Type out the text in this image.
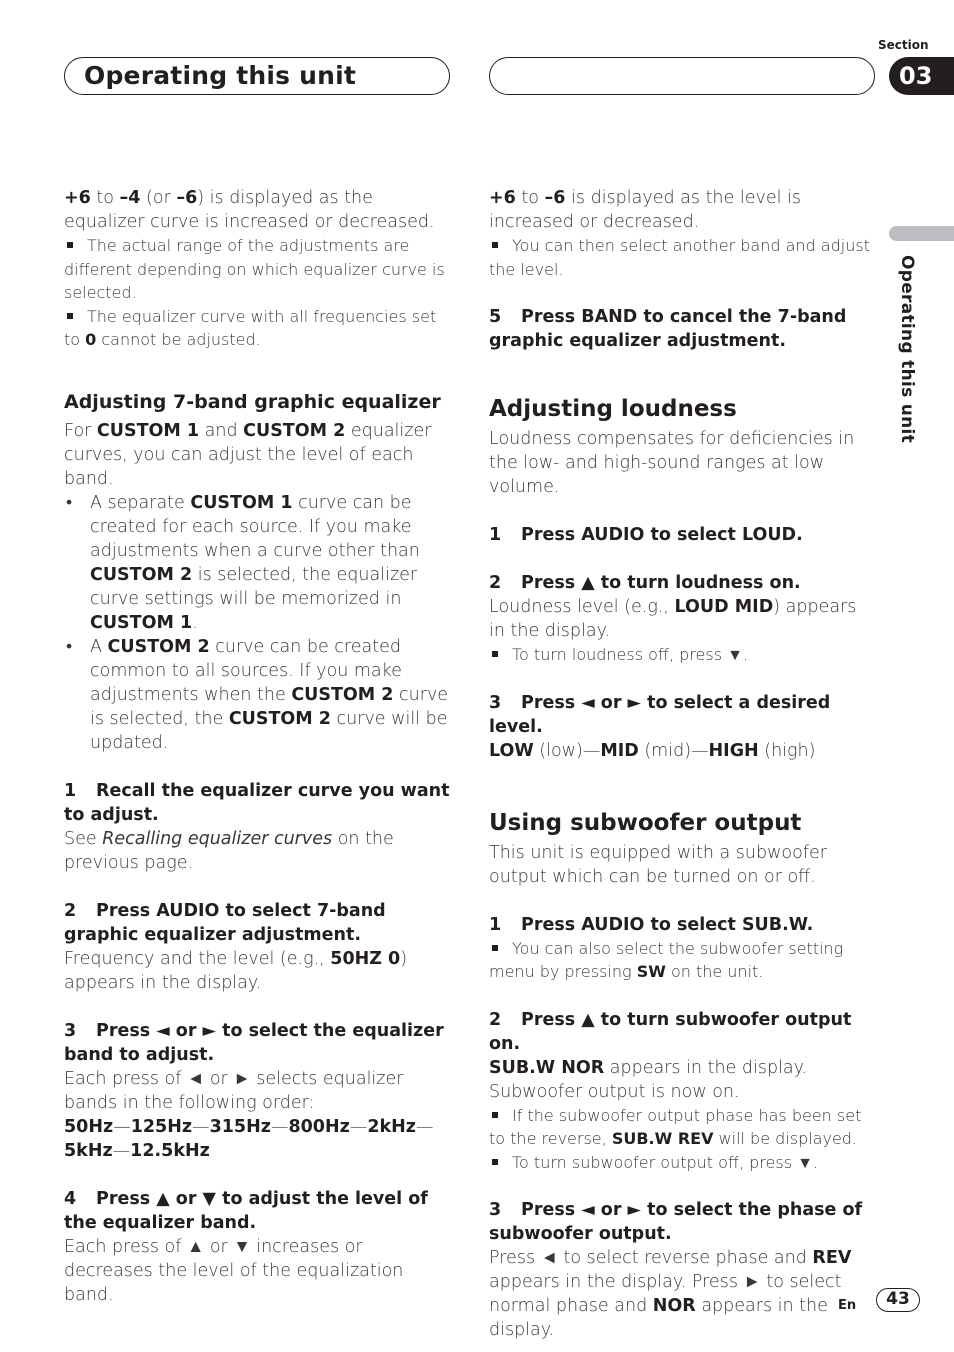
Operating this unit
Section
03
Operating this unit

+6 to –4 (or –6) is displayed as the equalizer curve is increased or decreased.

The actual range of the adjustments are different depending on which equalizer curve is selected.

The equalizer curve with all frequencies set to 0 cannot be adjusted.

Adjusting 7-band graphic equalizer

For CUSTOM 1 and CUSTOM 2 equalizer curves, you can adjust the level of each band.

• A separate CUSTOM 1 curve can be created for each source. If you make adjustments when a curve other than CUSTOM 2 is selected, the equalizer curve settings will be memorized in CUSTOM 1.

• A CUSTOM 2 curve can be created common to all sources. If you make adjustments when the CUSTOM 2 curve is selected, the CUSTOM 2 curve will be updated.

1 Recall the equalizer curve you want to adjust.

See Recalling equalizer curves on the previous page.

2 Press AUDIO to select 7-band graphic equalizer adjustment.

Frequency and the level (e.g., 50HZ 0) appears in the display.

3 Press ◄ or ► to select the equalizer band to adjust.

Each press of ◄ or ► selects equalizer bands in the following order:

50Hz—125Hz—315Hz—800Hz—2kHz—
5kHz—12.5kHz

4 Press ▲ or ▼ to adjust the level of the equalizer band.

Each press of ▲ or ▼ increases or decreases the level of the equalization band.

+6 to –6 is displayed as the level is increased or decreased.

You can then select another band and adjust the level.

5 Press BAND to cancel the 7-band graphic equalizer adjustment.

Adjusting loudness

Loudness compensates for deficiencies in the low- and high-sound ranges at low volume.

1 Press AUDIO to select LOUD.

2 Press ▲ to turn loudness on.

Loudness level (e.g., LOUD MID) appears in the display.

To turn loudness off, press ▼.

3 Press ◄ or ► to select a desired level.

LOW (low)—MID (mid)—HIGH (high)

Using subwoofer output

This unit is equipped with a subwoofer output which can be turned on or off.

1 Press AUDIO to select SUB.W.

You can also select the subwoofer setting menu by pressing SW on the unit.

2 Press ▲ to turn subwoofer output on.

SUB.W NOR appears in the display. Subwoofer output is now on.

If the subwoofer output phase has been set to the reverse, SUB.W REV will be displayed.

To turn subwoofer output off, press ▼.

3 Press ◄ or ► to select the phase of subwoofer output.

Press ◄ to select reverse phase and REV appears in the display. Press ► to select normal phase and NOR appears in the display.

En	43
